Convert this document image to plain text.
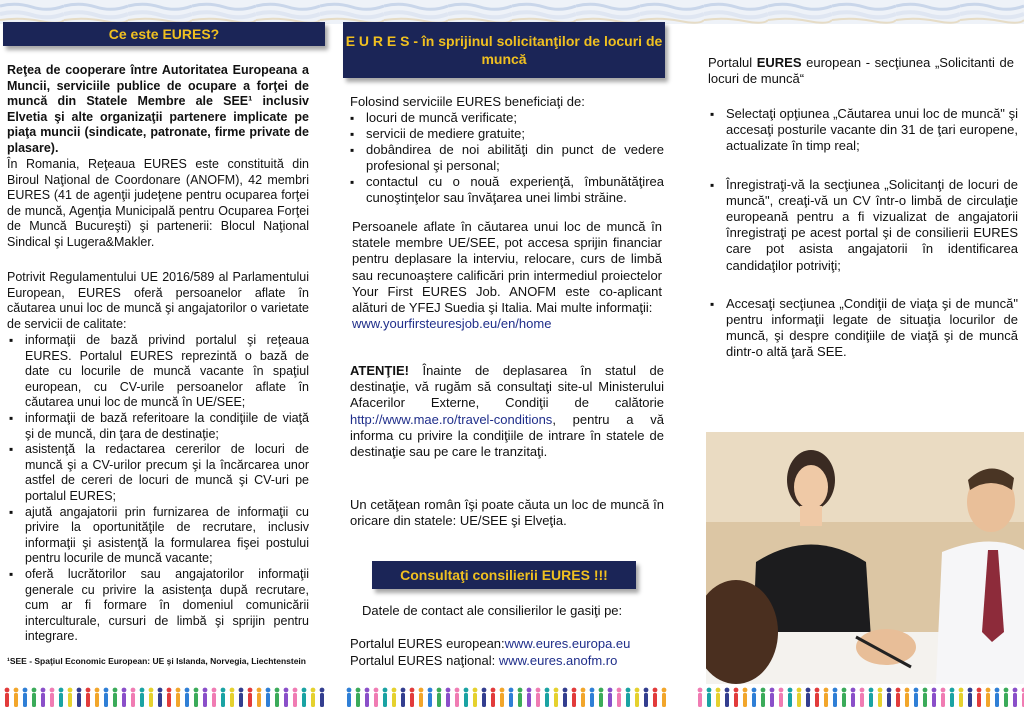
Ce este EURES?

Reţea de cooperare între Autoritatea Europeana a Muncii, serviciile publice de ocupare a forţei de muncă din Statele Membre ale SEE¹ inclusiv Elvetia şi alte organizaţii partenere implicate pe piaţa muncii (sindicate, patronate, firme private de plasare).

În Romania, Reţeaua EURES este constituită din Biroul Naţional de Coordonare (ANOFM), 42 membri EURES (41 de agenţii judeţene pentru ocuparea forţei de muncă, Agenţia Municipală pentru Ocuparea Forţei de Muncă Bucureşti) şi partenerii: Blocul Naţional Sindical şi Lugera&Makler.

Potrivit Regulamentului UE 2016/589 al Parlamentului European, EURES oferă persoanelor aflate în căutarea unui loc de muncă şi angajatorilor o varietate de servicii de calitate:

▪ informaţii de bază privind portalul şi reţeaua EURES. Portalul EURES reprezintă o bază de date cu locurile de muncă vacante în spaţiul european, cu CV-urile persoanelor aflate în căutarea unui loc de muncă în UE/SEE;
▪ informaţii de bază referitoare la condiţiile de viaţă şi de muncă, din ţara de destinaţie;
▪ asistenţă la redactarea cererilor de locuri de muncă şi a CV-urilor precum şi la încărcarea unor astfel de cereri de locuri de muncă şi CV-uri pe portalul EURES;
▪ ajută angajatorii prin furnizarea de informaţii cu privire la oportunităţile de recrutare, inclusiv informaţii şi asistenţă la formularea fişei postului pentru locurile de muncă vacante;
▪ oferă lucrătorilor sau angajatorilor informaţii generale cu privire la asistenţa după recrutare, cum ar fi formare în domeniul comunicării interculturale, cursuri de limbă şi sprijin pentru integrare.

¹SEE - Spaţiul Economic European: UE şi Islanda, Norvegia, Liechtenstein

E U R E S - în sprijinul solicitanţilor de locuri de muncă

Folosind serviciile EURES beneficiaţi de:

▪ locuri de muncă verificate;
▪ servicii de mediere gratuite;
▪ dobândirea de noi abilităţi din punct de vedere profesional şi personal;
▪ contactul cu o nouă experienţă, îmbunătăţirea cunoştinţelor sau învăţarea unei limbi străine.

Persoanele aflate în căutarea unui loc de muncă în statele membre UE/SEE, pot accesa sprijin financiar pentru deplasare la interviu, relocare, curs de limbă sau recunoaştere calificări prin intermediul proiectelor Your First EURES Job. ANOFM este co-aplicant alături de YFEJ Suedia şi Italia. Mai multe informaţii:
www.yourfirsteuresjob.eu/en/home

ATENŢIE! Înainte de deplasarea în statul de destinaţie, vă rugăm să consultaţi site-ul Ministerului Afacerilor Externe, Condiţii de calătorie http://www.mae.ro/travel-conditions, pentru a vă informa cu privire la condiţiile de intrare în statele de destinaţie sau pe care le tranzitaţi.

Un cetăţean român îşi poate căuta un loc de muncă în oricare din statele: UE/SEE şi Elveţia.

Consultaţi consilierii EURES !!!

Datele de contact ale consilierilor le gasiţi pe:

Portalul EURES european:www.eures.europa.eu

Portalul EURES naţional: www.eures.anofm.ro

Portalul EURES european - secţiunea „Solicitanti de locuri de muncă“

▪ Selectaţi opţiunea „Căutarea unui loc de muncă" şi accesaţi posturile vacante din 31 de ţari europene, actualizate în timp real;
▪ Înregistraţi-vă la secţiunea „Solicitanţi de locuri de muncă", creaţi-vă un CV într-o limbă de circulaţie europeană pentru a fi vizualizat de angajatorii înregistraţi pe acest portal şi de consilierii EURES care pot asista angajatorii în identificarea candidaţilor potriviţi;
▪ Accesaţi secţiunea „Condiţii de viaţa şi de muncă" pentru informaţii legate de situaţia locurilor de muncă, şi despre condiţiile de viaţă şi de muncă dintr-o altă ţară SEE.
